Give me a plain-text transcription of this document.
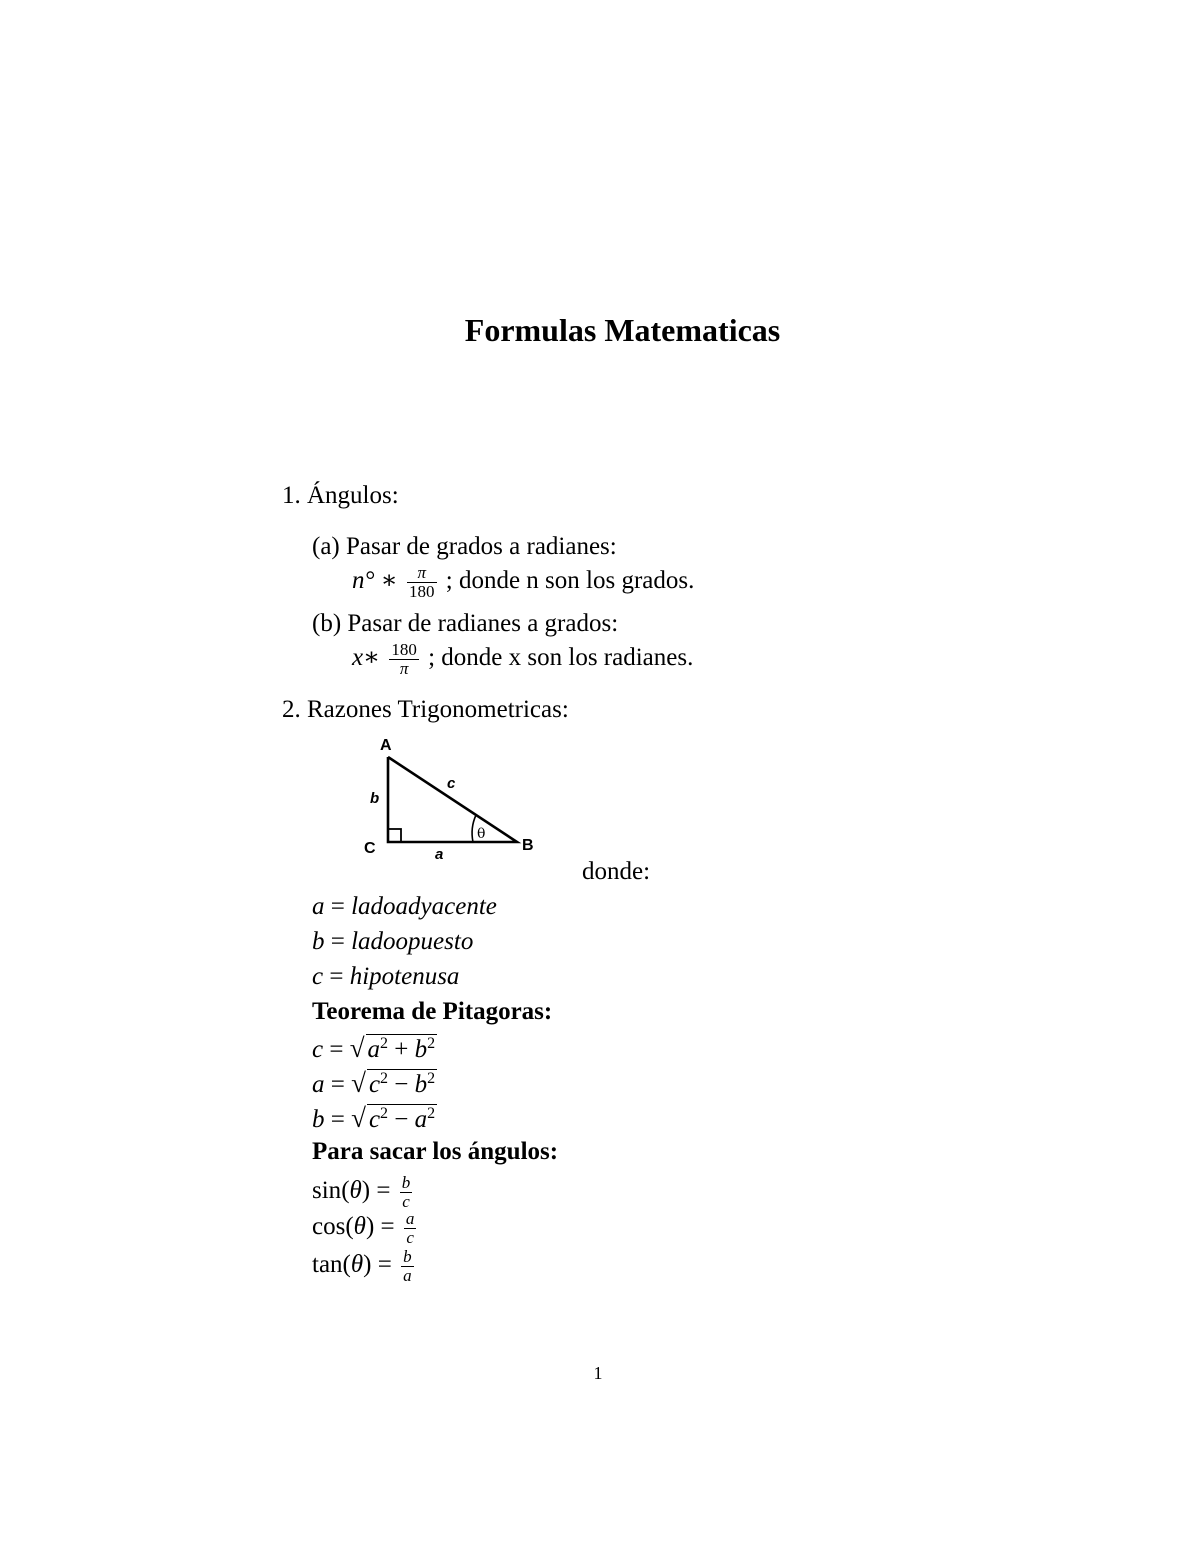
Formulas Matematicas
1. Ángulos:
(a) Pasar de grados a radianes:
n° ∗ $\frac{\pi}{180}$ ; donde n son los grados.
(b) Pasar de radianes a grados:
x∗ $\frac{180}{\pi}$ ; donde x son los radianes.
2. Razones Trigonometricas:
A
B
C	a
b
c
θ
donde:
a = ladoadyacente
b = ladoopuesto
c = hipotenusa
Teorema de Pitagoras:
c = √ $a^2 + b^2$
a = √ $c^2 - b^2$
b = √ $c^2 - a^2$
Para sacar los ángulos:
$\sin(\theta) = \frac{b}{c}$
$\cos(\theta) = \frac{a}{c}$
$\tan(\theta) = \frac{b}{a}$
1
